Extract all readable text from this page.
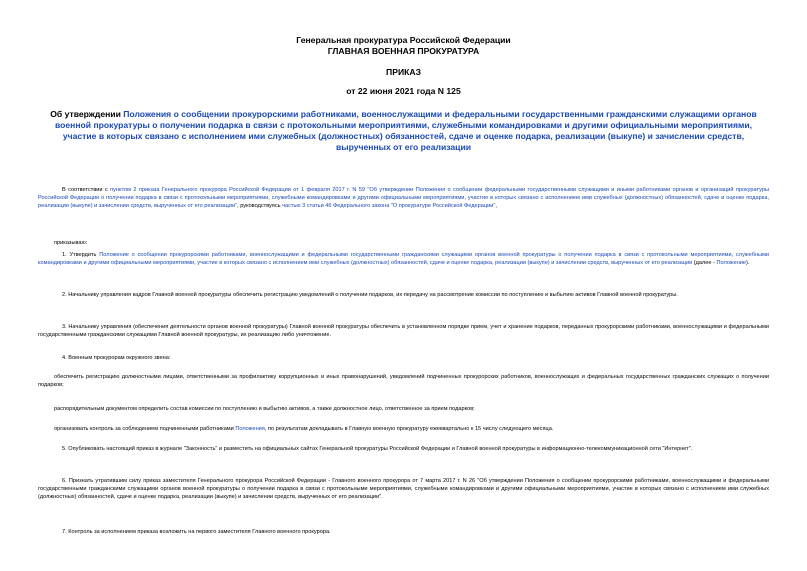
Генеральная прокуратура Российской Федерации
ГЛАВНАЯ ВОЕННАЯ ПРОКУРАТУРА
ПРИКАЗ
от 22 июня 2021 года N 125
Об утверждении Положения о сообщении прокурорскими работниками, военнослужащими и федеральными государственными гражданскими служащими органов военной прокуратуры о получении подарка в связи с протокольными мероприятиями, служебными командировками и другими официальными мероприятиями, участие в которых связано с исполнением ими служебных (должностных) обязанностей, сдаче и оценке подарка, реализации (выкупе) и зачислении средств, вырученных от его реализации
В соответствии с пунктом 2 приказа Генерального прокурора Российской Федерации от 1 февраля 2017 г. N 59 "Об утверждении Положения о сообщении федеральными государственными служащими и иными работниками органов и организаций прокуратуры Российской Федерации о получении подарка в связи с протокольными мероприятиями, служебными командировками и другими официальными мероприятиями, участие в которых связано с исполнением ими служебных (должностных) обязанностей, сдаче и оценке подарка, реализации (выкупе) и зачислении средств, вырученных от его реализации", руководствуясь частью 3 статьи 46 Федерального закона "О прокуратуре Российской Федерации",
приказываю:
1. Утвердить Положение о сообщении прокурорскими работниками, военнослужащими и федеральными государственными гражданскими служащими органов военной прокуратуры о получении подарка в связи с протокольными мероприятиями, служебными командировками и другими официальными мероприятиями, участие в которых связано с исполнением ими служебных (должностных) обязанностей, сдаче и оценке подарка, реализации (выкупе) и зачислении средств, вырученных от его реализации (далее - Положение).
2. Начальнику управления кадров Главной военной прокуратуры обеспечить регистрацию уведомлений о получении подарков, их передачу на рассмотрение комиссии по поступлению и выбытию активов Главной военной прокуратуры.
3. Начальнику управления (обеспечения деятельности органов военной прокуратуры) Главной военной прокуратуры обеспечить в установленном порядке прием, учет и хранение подарков, переданных прокурорскими работниками, военнослужащими и федеральными государственными гражданскими служащими Главной военной прокуратуры, их реализацию либо уничтожение.
4. Военным прокурорам окружного звена:
обеспечить регистрацию должностными лицами, ответственными за профилактику коррупционных и иных правонарушений, уведомлений подчиненных прокурорских работников, военнослужащих и федеральных государственных гражданских служащих о получении подарков;
распорядительным документом определить состав комиссии по поступлению и выбытию активов, а также должностное лицо, ответственное за прием подарков;
организовать контроль за соблюдением подчиненными работниками Положения, по результатам докладывать в Главную военную прокуратуру ежеквартально к 15 числу следующего месяца.
5. Опубликовать настоящий приказ в журнале "Законность" и разместить на официальных сайтах Генеральной прокуратуры Российской Федерации и Главной военной прокуратуры в информационно-телекоммуникационной сети "Интернет".
6. Признать утратившим силу приказ заместителя Генерального прокурора Российской Федерации - Главного военного прокурора от 7 марта 2017 г. N 26 "Об утверждении Положения о сообщении прокурорскими работниками, военнослужащими и федеральными государственными гражданскими служащими органов военной прокуратуры о получении подарка в связи с протокольными мероприятиями, служебными командировками и другими официальными мероприятиями, участие в которых связано с исполнением ими служебных (должностных) обязанностей, сдаче и оценке подарка, реализации (выкупе) и зачислении средств, вырученных от его реализации".
7. Контроль за исполнением приказа возложить на первого заместителя Главного военного прокурора.
